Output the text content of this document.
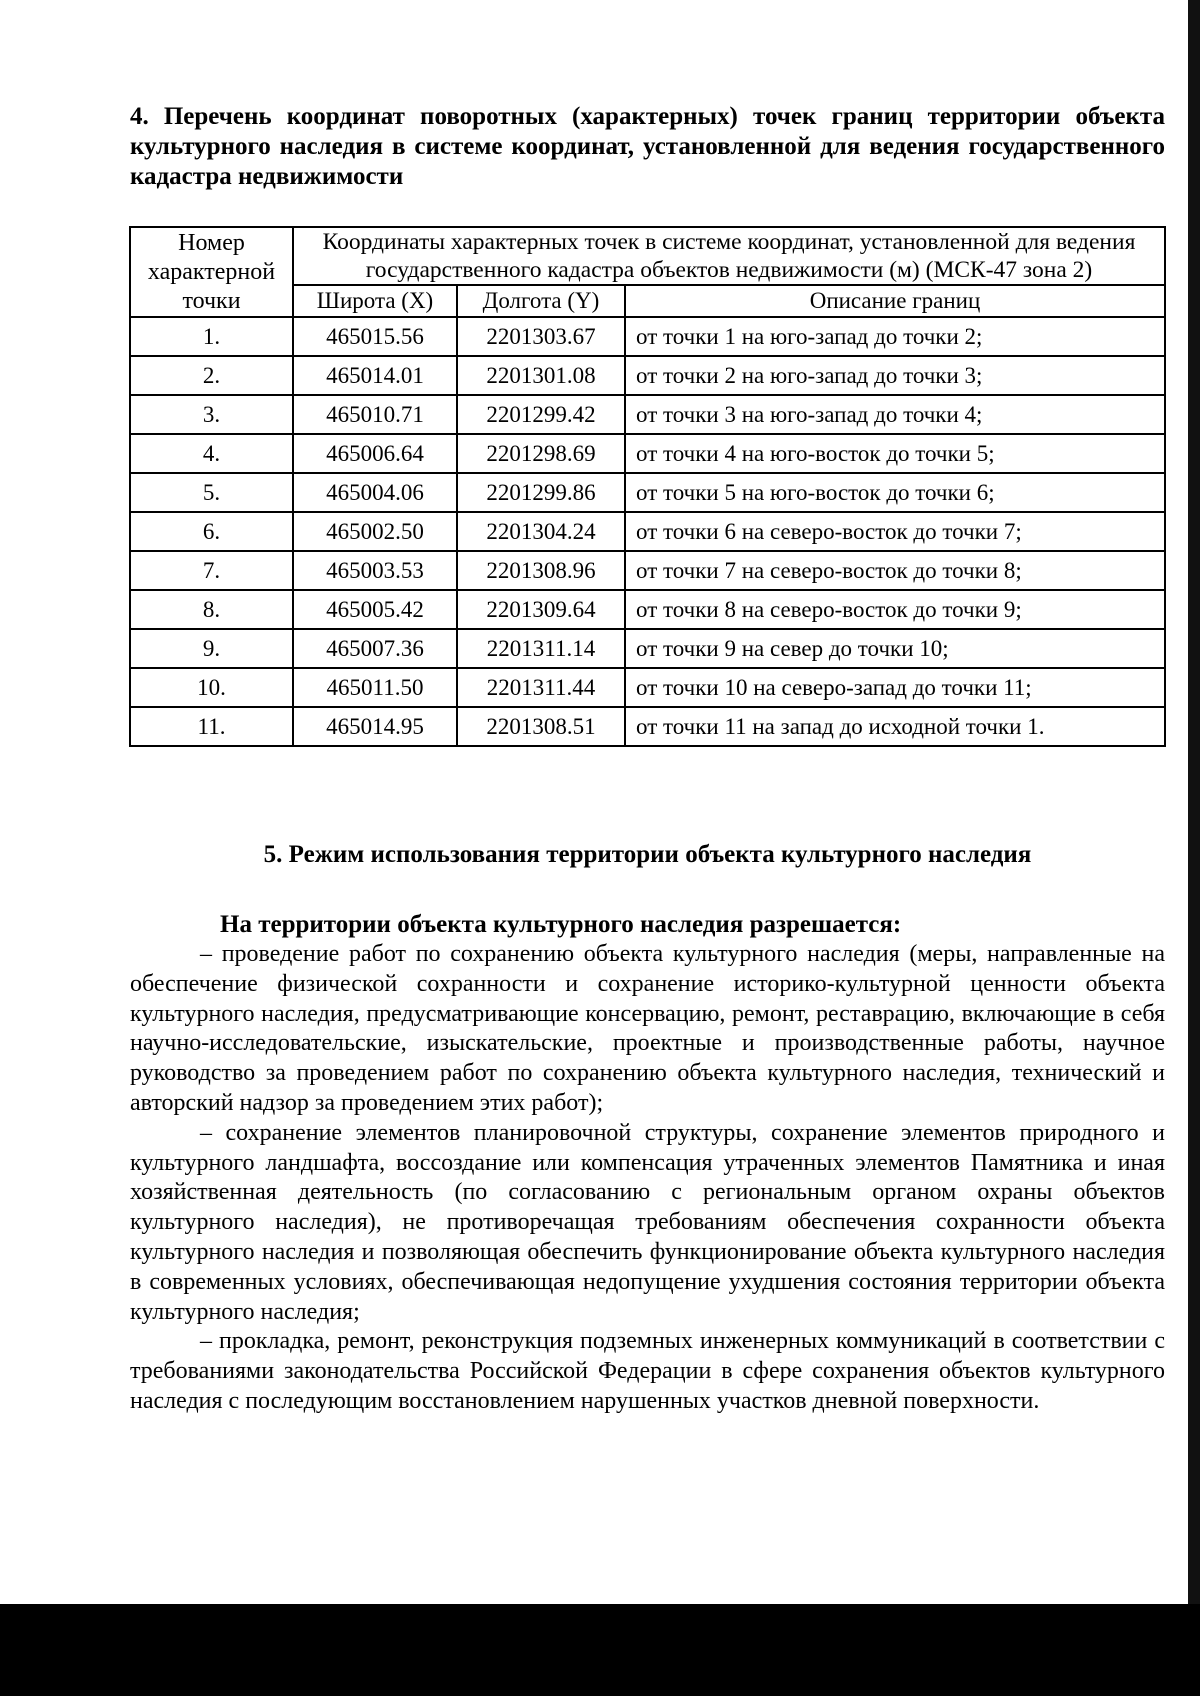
4. Перечень координат поворотных (характерных) точек границ территории объекта культурного наследия в системе координат, установленной для ведения государственного кадастра недвижимости
Номер характерной точки	Координаты характерных точек в системе координат, установленной для ведения государственного кадастра объектов недвижимости (м) (МСК-47 зона 2)		
	Широта (X)	Долгота (Y)	Описание границ
1.	465015.56	2201303.67	от точки 1 на юго-запад до точки 2;
2.	465014.01	2201301.08	от точки 2 на юго-запад до точки 3;
3.	465010.71	2201299.42	от точки 3 на юго-запад до точки 4;
4.	465006.64	2201298.69	от точки 4 на юго-восток до точки 5;
5.	465004.06	2201299.86	от точки 5 на юго-восток до точки 6;
6.	465002.50	2201304.24	от точки 6 на северо-восток до точки 7;
7.	465003.53	2201308.96	от точки 7 на северо-восток до точки 8;
8.	465005.42	2201309.64	от точки 8 на северо-восток до точки 9;
9.	465007.36	2201311.14	от точки 9 на север до точки 10;
10.	465011.50	2201311.44	от точки 10 на северо-запад до точки 11;
11.	465014.95	2201308.51	от точки 11 на запад до исходной точки 1.
5. Режим использования территории объекта культурного наследия
На территории объекта культурного наследия разрешается:

– проведение работ по сохранению объекта культурного наследия (меры, направленные на обеспечение физической сохранности и сохранение историко-культурной ценности объекта культурного наследия, предусматривающие консервацию, ремонт, реставрацию, включающие в себя научно-исследовательские, изыскательские, проектные и производственные работы, научное руководство за проведением работ по сохранению объекта культурного наследия, технический и авторский надзор за проведением этих работ);

– сохранение элементов планировочной структуры, сохранение элементов природного и культурного ландшафта, воссоздание или компенсация утраченных элементов Памятника и иная хозяйственная деятельность (по согласованию с региональным органом охраны объектов культурного наследия), не противоречащая требованиям обеспечения сохранности объекта культурного наследия и позволяющая обеспечить функционирование объекта культурного наследия в современных условиях, обеспечивающая недопущение ухудшения состояния территории объекта культурного наследия;

– прокладка, ремонт, реконструкция подземных инженерных коммуникаций в соответствии с требованиями законодательства Российской Федерации в сфере сохранения объектов культурного наследия с последующим восстановлением нарушенных участков дневной поверхности.
